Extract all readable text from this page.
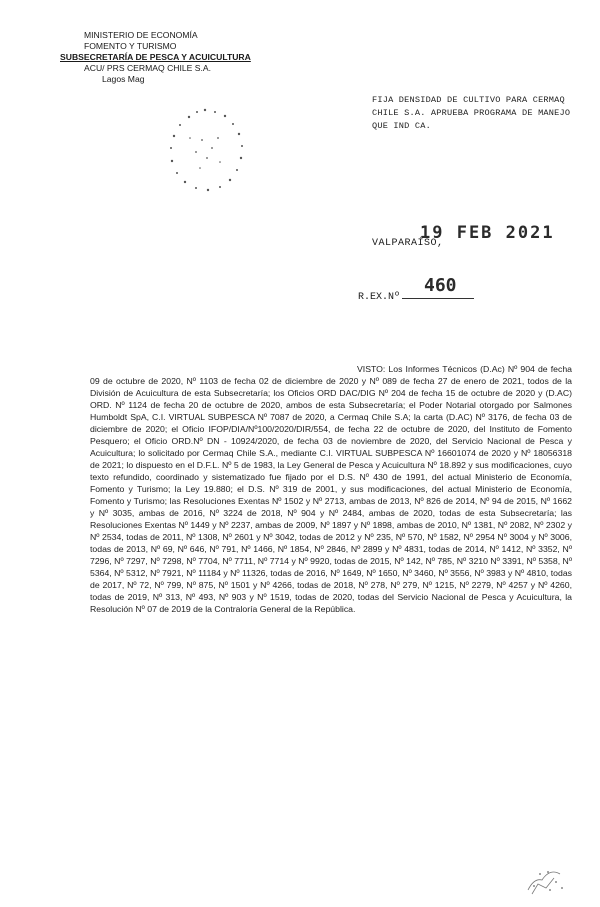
MINISTERIO DE ECONOMÍA
FOMENTO Y TURISMO
SUBSECRETARÍA DE PESCA Y ACUICULTURA
ACU/ PRS CERMAQ CHILE S.A.
Lagos Mag
FIJA DENSIDAD DE CULTIVO PARA CERMAQ CHILE S.A. APRUEBA PROGRAMA DE MANEJO QUE IND CA.
VALPARAÍSO,
19 FEB 2021
R.EX.Nº
460

VISTO: Los Informes Técnicos (D.Ac) Nº 904 de fecha 09 de octubre de 2020, Nº 1103 de fecha 02 de diciembre de 2020 y Nº 089 de fecha 27 de enero de 2021, todos de la División de Acuicultura de esta Subsecretaría; los Oficios ORD DAC/DIG Nº 204 de fecha 15 de octubre de 2020 y (D.AC) ORD. Nº 1124 de fecha 20 de octubre de 2020, ambos de esta Subsecretaría; el Poder Notarial otorgado por Salmones Humboldt SpA, C.I. VIRTUAL SUBPESCA Nº 7087 de 2020, a Cermaq Chile S.A; la carta (D.AC) Nº 3176, de fecha 03 de diciembre de 2020; el Oficio IFOP/DIA/Nº100/2020/DIR/554, de fecha 22 de octubre de 2020, del Instituto de Fomento Pesquero; el Oficio ORD.Nº DN - 10924/2020, de fecha 03 de noviembre de 2020, del Servicio Nacional de Pesca y Acuicultura; lo solicitado por Cermaq Chile S.A., mediante C.I. VIRTUAL SUBPESCA Nº 16601074 de 2020 y Nº 18056318 de 2021; lo dispuesto en el D.F.L. Nº 5 de 1983, la Ley General de Pesca y Acuicultura Nº 18.892 y sus modificaciones, cuyo texto refundido, coordinado y sistematizado fue fijado por el D.S. Nº 430 de 1991, del actual Ministerio de Economía, Fomento y Turismo; la Ley 19.880; el D.S. Nº 319 de 2001, y sus modificaciones, del actual Ministerio de Economía, Fomento y Turismo; las Resoluciones Exentas Nº 1502 y Nº 2713, ambas de 2013, Nº 826 de 2014, Nº 94 de 2015, Nº 1662 y Nº 3035, ambas de 2016, Nº 3224 de 2018, Nº 904 y Nº 2484, ambas de 2020, todas de esta Subsecretaría; las Resoluciones Exentas Nº 1449 y Nº 2237, ambas de 2009, Nº 1897 y Nº 1898, ambas de 2010, Nº 1381, Nº 2082, Nº 2302 y Nº 2534, todas de 2011, Nº 1308, Nº 2601 y Nº 3042, todas de 2012 y Nº 235, Nº 570, Nº 1582, Nº 2954 Nº 3004 y Nº 3006, todas de 2013, Nº 69, Nº 646, Nº 791, Nº 1466, Nº 1854, Nº 2846, Nº 2899 y Nº 4831, todas de 2014, Nº 1412, Nº 3352, Nº 7296, Nº 7297, Nº 7298, Nº 7704, Nº 7711, Nº 7714 y Nº 9920, todas de 2015, Nº 142, Nº 785, Nº 3210 Nº 3391, Nº 5358, Nº 5364, Nº 5312, Nº 7921, Nº 11184 y Nº 11326, todas de 2016, Nº 1649, Nº 1650, Nº 3460, Nº 3556, Nº 3983 y Nº 4810, todas de 2017, Nº 72, Nº 799, Nº 875, Nº 1501 y Nº 4266, todas de 2018, Nº 278, Nº 279, Nº 1215, Nº 2279, Nº 4257 y Nº 4260, todas de 2019, Nº 313, Nº 493, Nº 903 y Nº 1519, todas de 2020, todas del Servicio Nacional de Pesca y Acuicultura, la Resolución Nº 07 de 2019 de la Contraloría General de la República.
